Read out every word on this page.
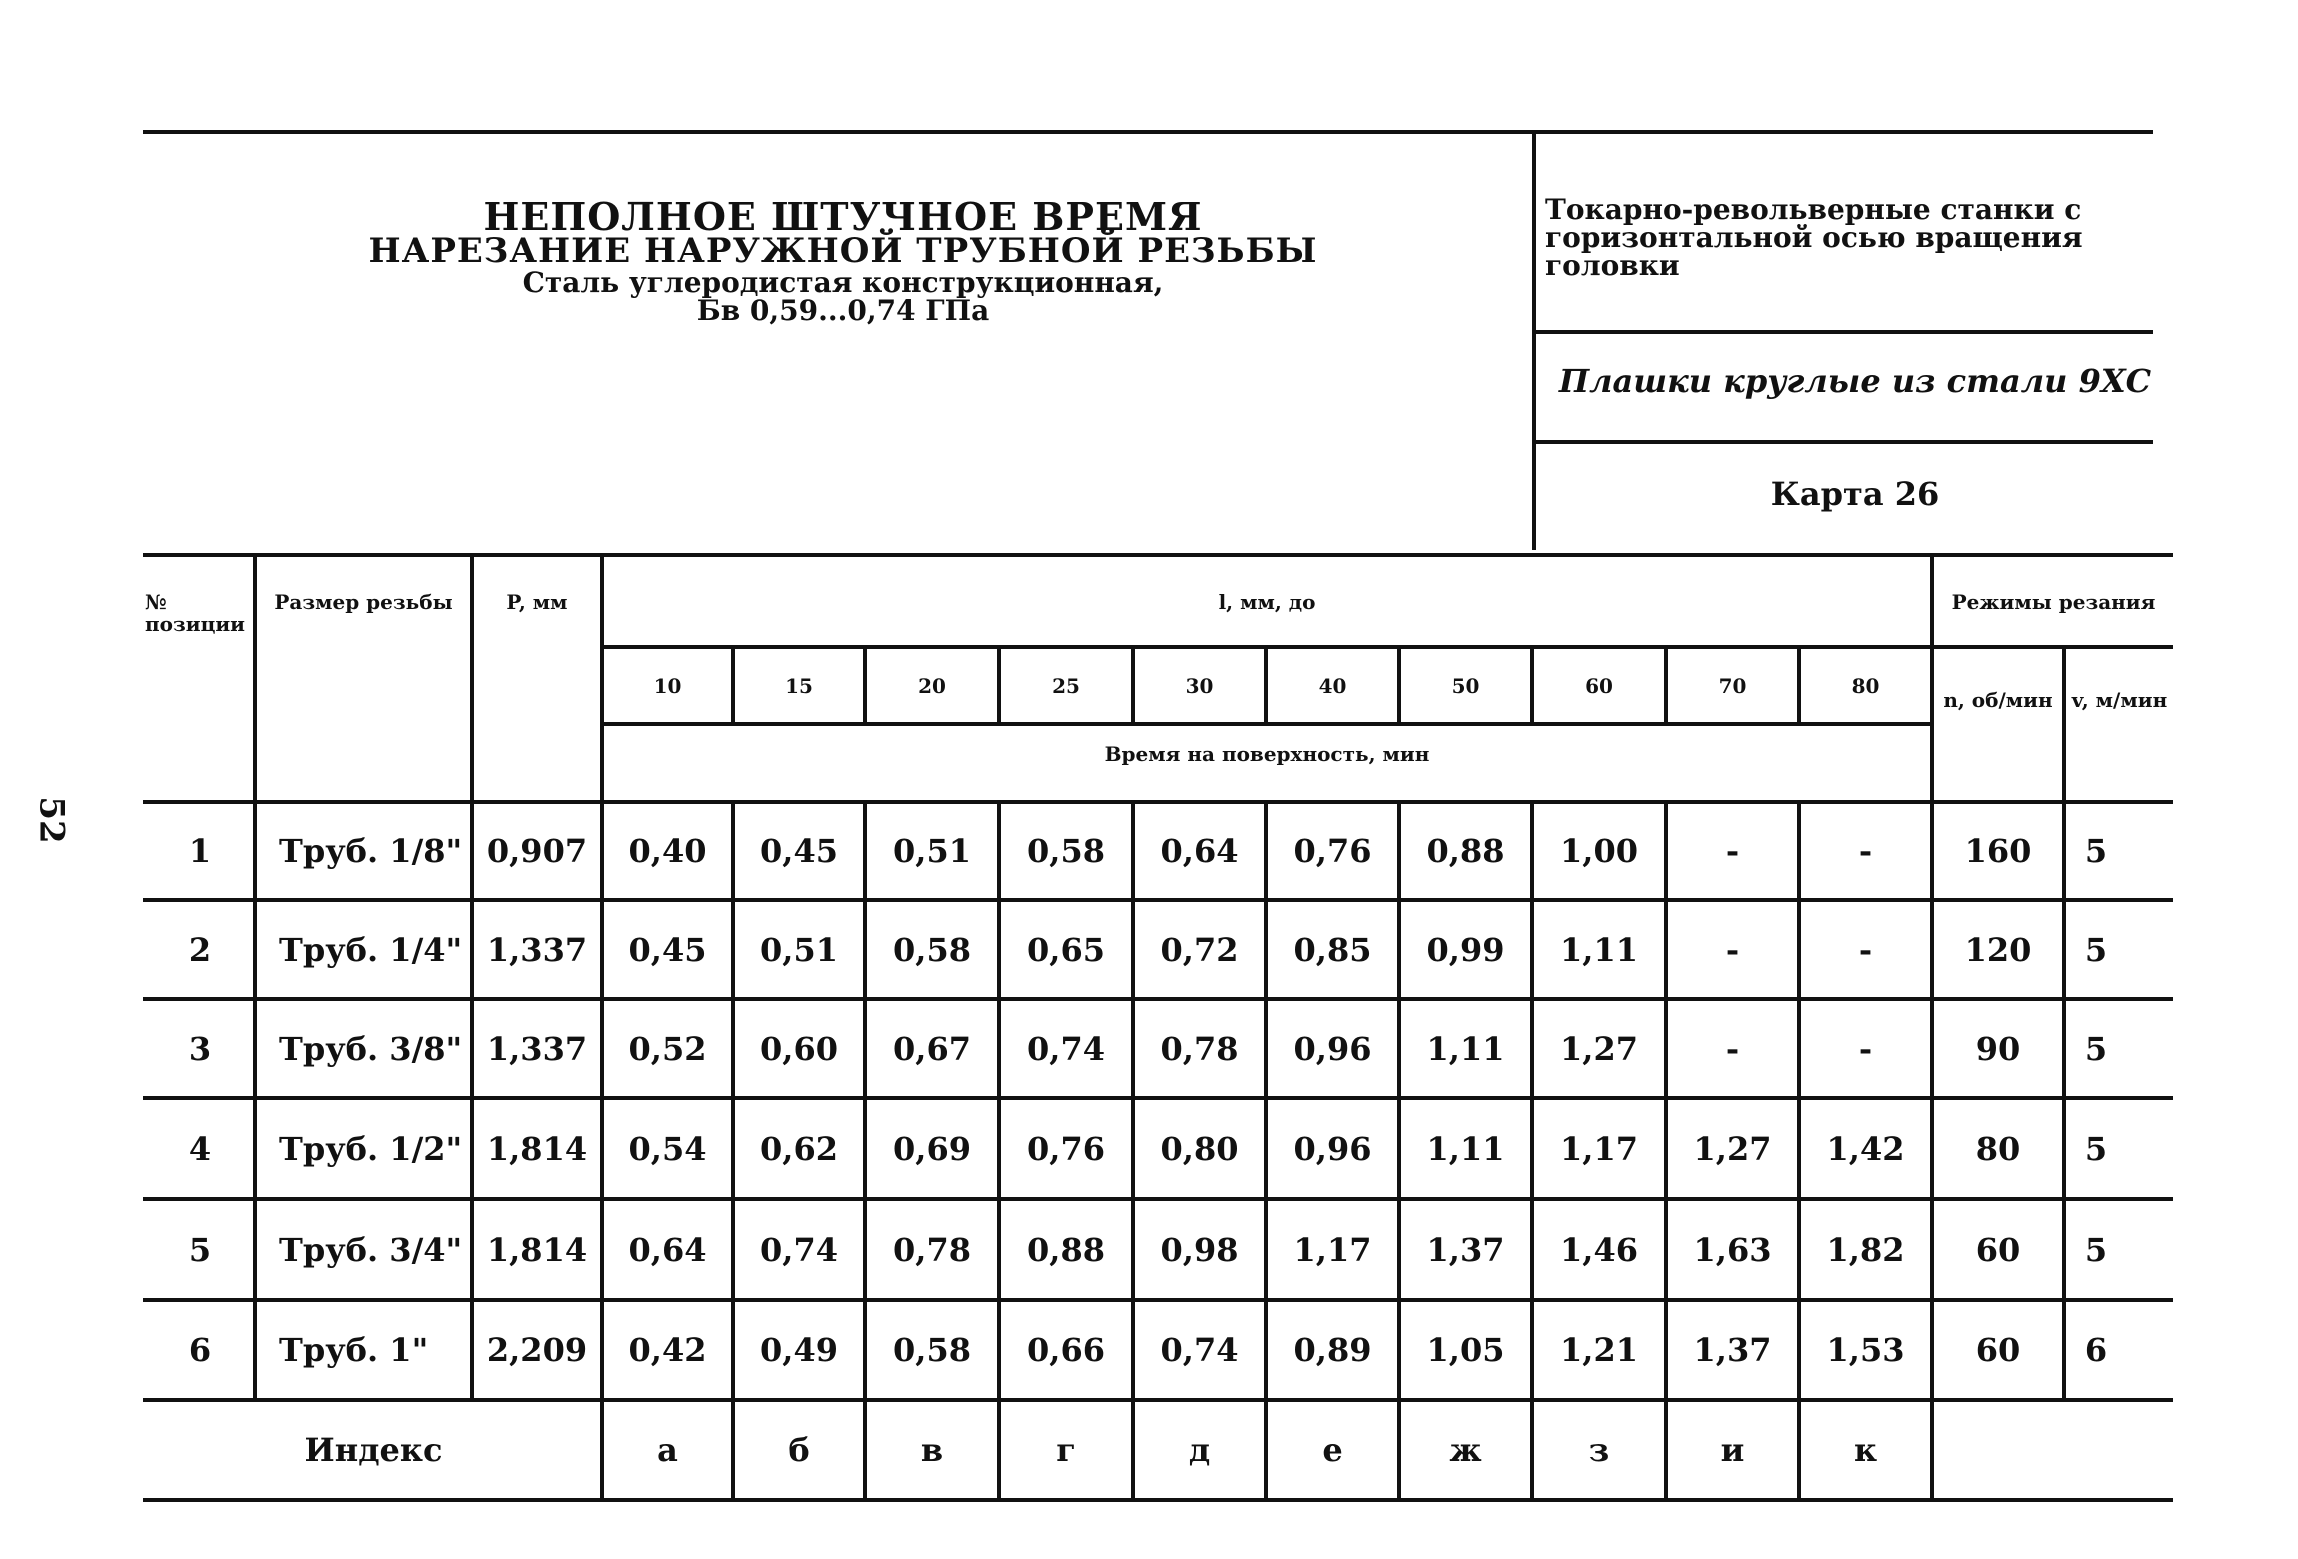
52
НЕПОЛНОЕ ШТУЧНОЕ ВРЕМЯ
НАРЕЗАНИЕ НАРУЖНОЙ ТРУБНОЙ РЕЗЬБЫ
Сталь углеродистая конструкционная,
Бв 0,59...0,74 ГПа
Токарно-револьверные станки с
горизонтальной осью вращения головки
Плашки круглые из стали 9ХС
Карта 26
№ позиции
Размер резьбы	P, мм	l, мм, до	Режимы резания
Время на поверхность, мин
n, об/мин v, м/мин
10	15	20	25	30	40	50	60	70	80
1	Труб. 1/8" 0,907	0,40	0,45	0,51	0,58	0,64	0,76	0,88	1,00	-	-	160	5
2	Труб. 1/4" 1,337	0,45	0,51	0,58	0,65	0,72	0,85	0,99	1,11	-	-	120	5
3	Труб. 3/8" 1,337	0,52	0,60	0,67	0,74	0,78	0,96	1,11	1,27	-	-	90	5
4	Труб. 1/2" 1,814	0,54	0,62	0,69	0,76	0,80	0,96	1,11	1,17	1,27	1,42	80	5
5	Труб. 3/4" 1,814	0,64	0,74	0,78	0,88	0,98	1,17	1,37	1,46	1,63	1,82	60	5
6	Труб. 1"	2,209	0,42	0,49	0,58	0,66	0,74	0,89	1,05	1,21	1,37	1,53	60	6
Индекс	а	б	в	г	д	е	ж	з	и	к
